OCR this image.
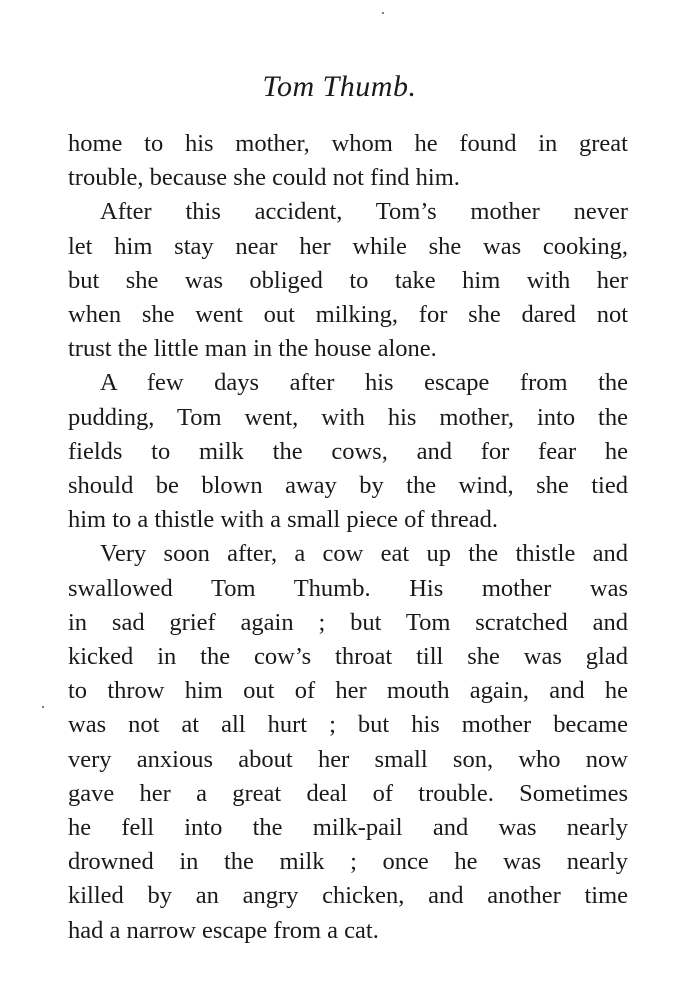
Tom Thumb.
home to his mother, whom he found in great
trouble, because she could not find him.
After this accident, Tom’s mother never
let him stay near her while she was cooking,
but she was obliged to take him with her
when she went out milking, for she dared not
trust the little man in the house alone.
A few days after his escape from the
pudding, Tom went, with his mother, into the
fields to milk the cows, and for fear he
should be blown away by the wind, she tied
him to a thistle with a small piece of thread.
Very soon after, a cow eat up the thistle and
swallowed Tom Thumb. His mother was
in sad grief again ; but Tom scratched and
kicked in the cow’s throat till she was glad
to throw him out of her mouth again, and he
was not at all hurt ; but his mother became
very anxious about her small son, who now
gave her a great deal of trouble. Sometimes
he fell into the milk-pail and was nearly
drowned in the milk ; once he was nearly
killed by an angry chicken, and another time
had a narrow escape from a cat.
